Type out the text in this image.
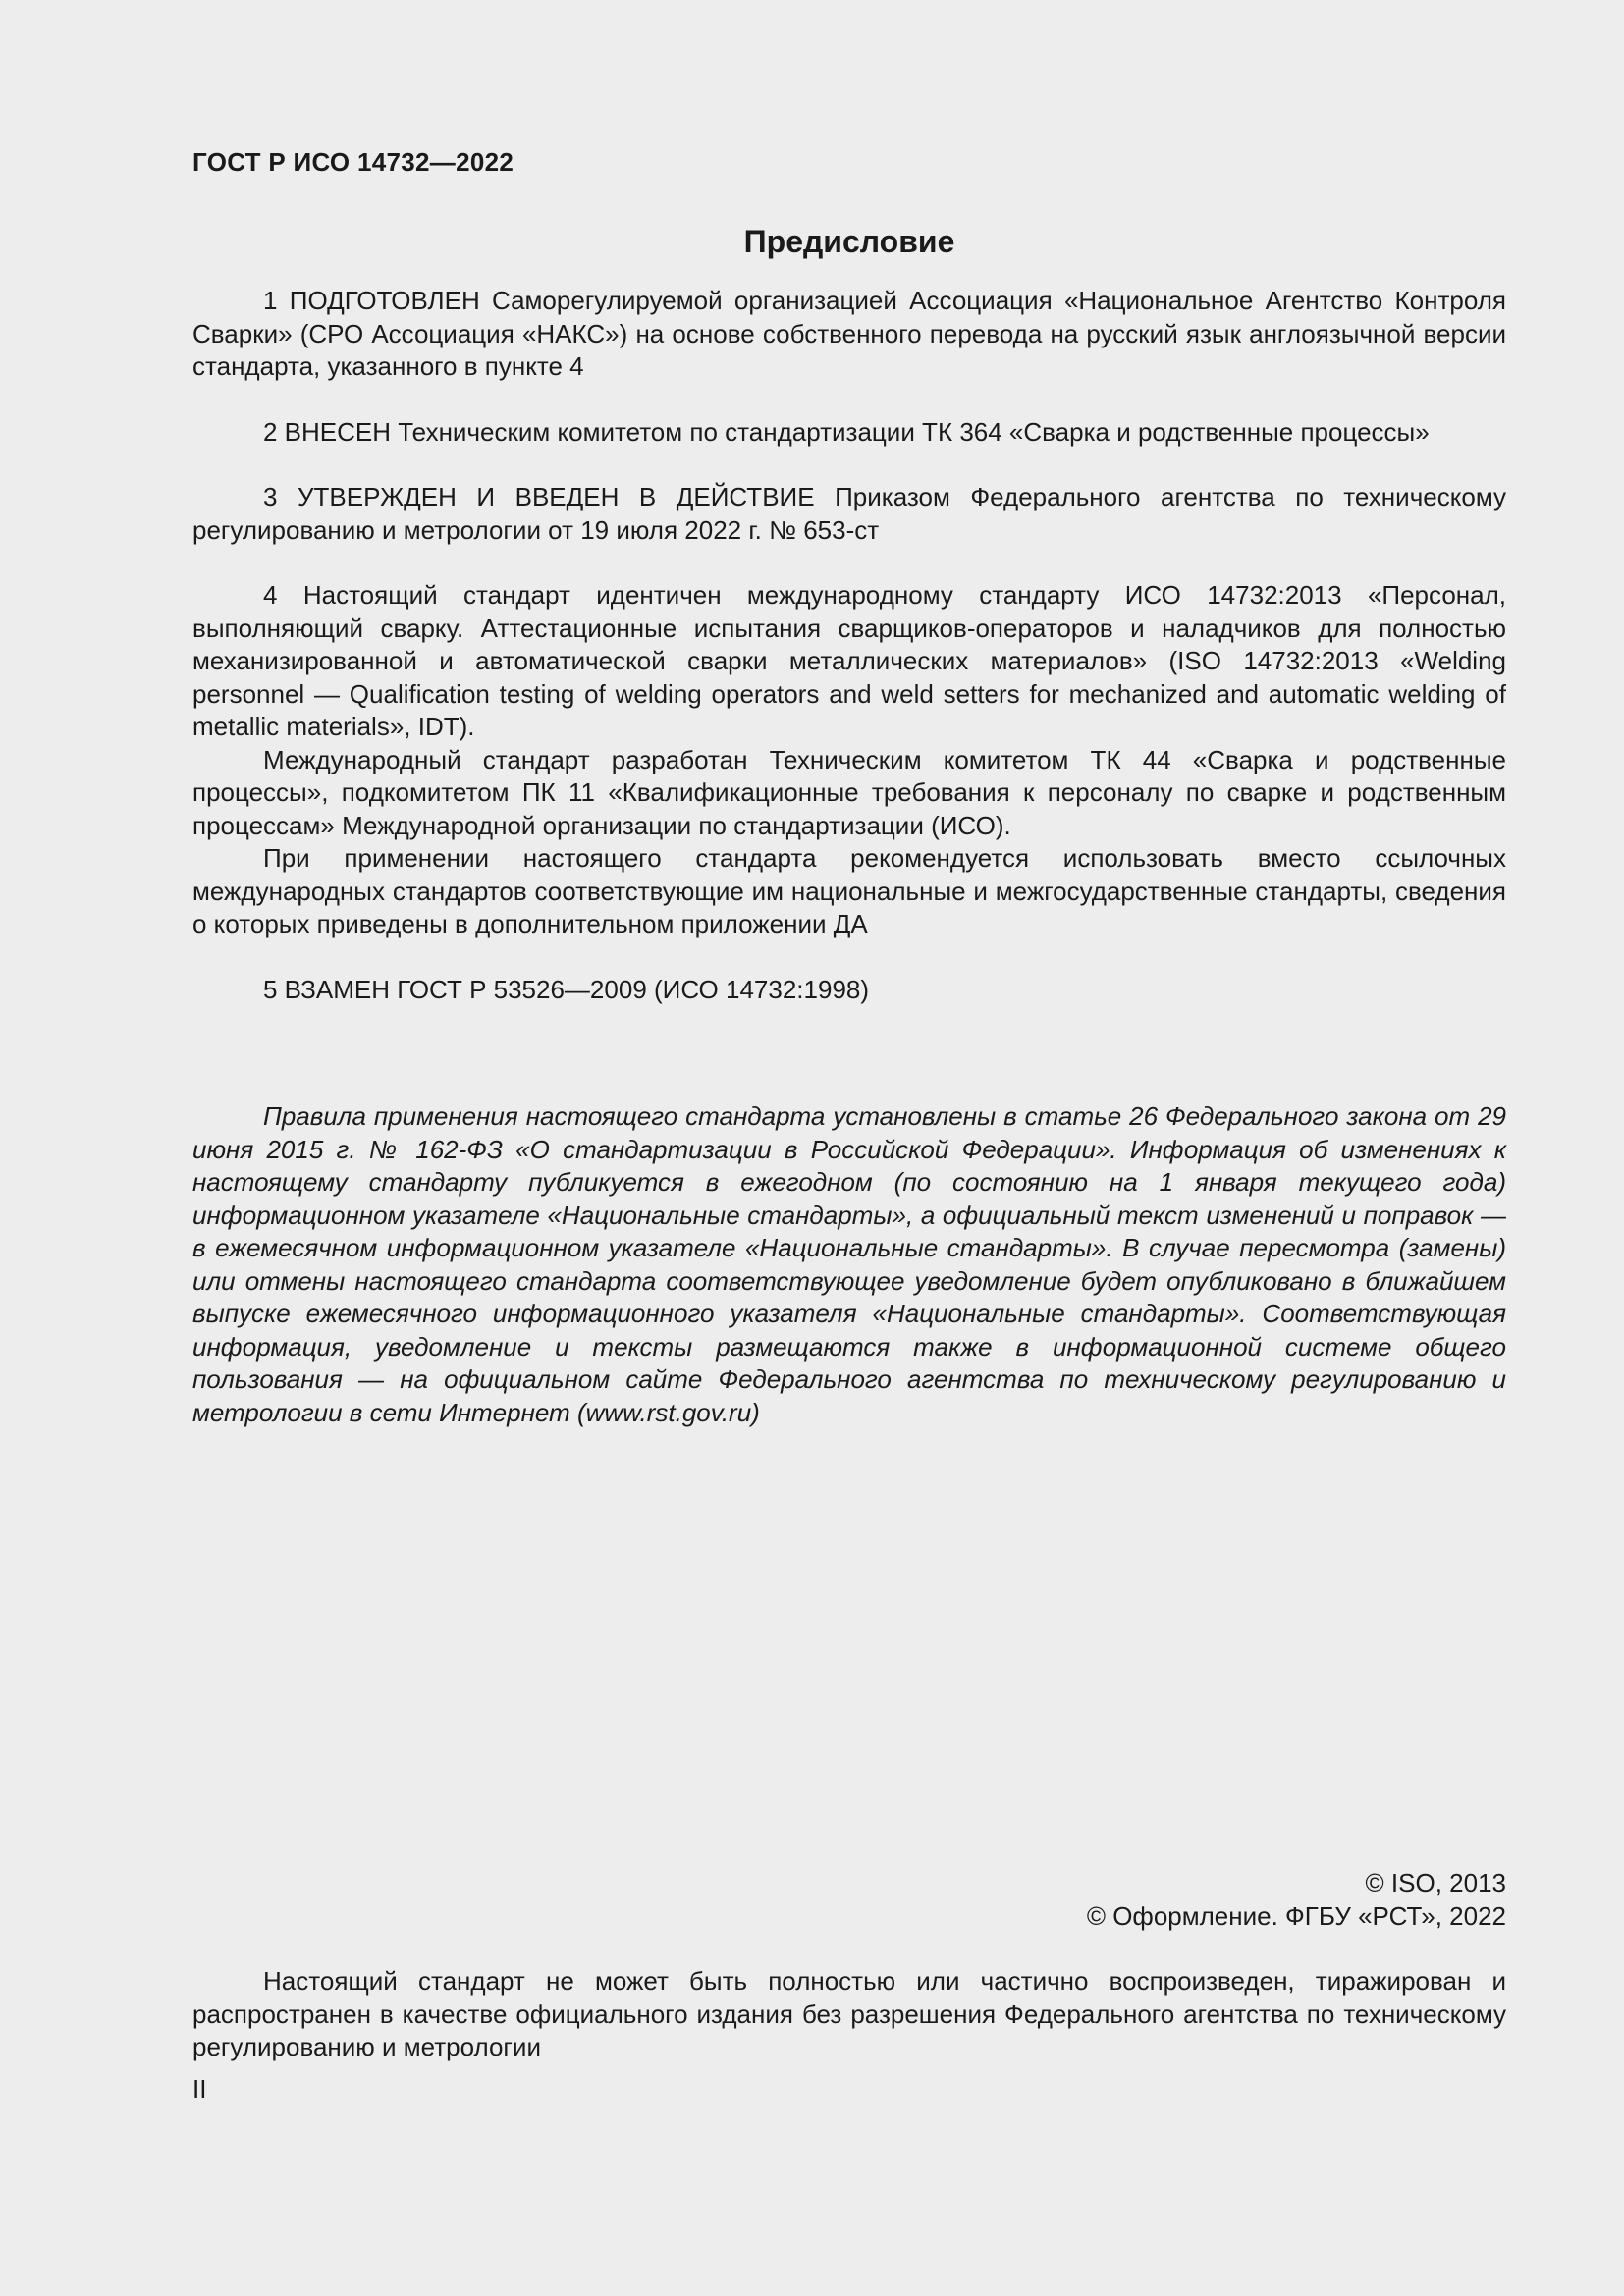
ГОСТ Р ИСО 14732—2022
Предисловие

1 ПОДГОТОВЛЕН Саморегулируемой организацией Ассоциация «Национальное Агентство Контроля Сварки» (СРО Ассоциация «НАКС») на основе собственного перевода на русский язык англоязычной версии стандарта, указанного в пункте 4

2 ВНЕСЕН Техническим комитетом по стандартизации ТК 364 «Сварка и родственные процессы»

3 УТВЕРЖДЕН И ВВЕДЕН В ДЕЙСТВИЕ Приказом Федерального агентства по техническому регулированию и метрологии от 19 июля 2022 г. № 653-ст

4 Настоящий стандарт идентичен международному стандарту ИСО 14732:2013 «Персонал, выполняющий сварку. Аттестационные испытания сварщиков-операторов и наладчиков для полностью механизированной и автоматической сварки металлических материалов» (ISO 14732:2013 «Welding personnel — Qualification testing of welding operators and weld setters for mechanized and automatic welding of metallic materials», IDT).

Международный стандарт разработан Техническим комитетом ТК 44 «Сварка и родственные процессы», подкомитетом ПК 11 «Квалификационные требования к персоналу по сварке и родственным процессам» Международной организации по стандартизации (ИСО).

При применении настоящего стандарта рекомендуется использовать вместо ссылочных международных стандартов соответствующие им национальные и межгосударственные стандарты, сведения о которых приведены в дополнительном приложении ДА

5 ВЗАМЕН ГОСТ Р 53526—2009 (ИСО 14732:1998)

Правила применения настоящего стандарта установлены в статье 26 Федерального закона от 29 июня 2015 г. № 162-ФЗ «О стандартизации в Российской Федерации». Информация об изменениях к настоящему стандарту публикуется в ежегодном (по состоянию на 1 января текущего года) информационном указателе «Национальные стандарты», а официальный текст изменений и поправок — в ежемесячном информационном указателе «Национальные стандарты». В случае пересмотра (замены) или отмены настоящего стандарта соответствующее уведомление будет опубликовано в ближайшем выпуске ежемесячного информационного указателя «Национальные стандарты». Соответствующая информация, уведомление и тексты размещаются также в информационной системе общего пользования — на официальном сайте Федерального агентства по техническому регулированию и метрологии в сети Интернет (www.rst.gov.ru)

© ISO, 2013
© Оформление. ФГБУ «РСТ», 2022

Настоящий стандарт не может быть полностью или частично воспроизведен, тиражирован и распространен в качестве официального издания без разрешения Федерального агентства по техническому регулированию и метрологии

II
